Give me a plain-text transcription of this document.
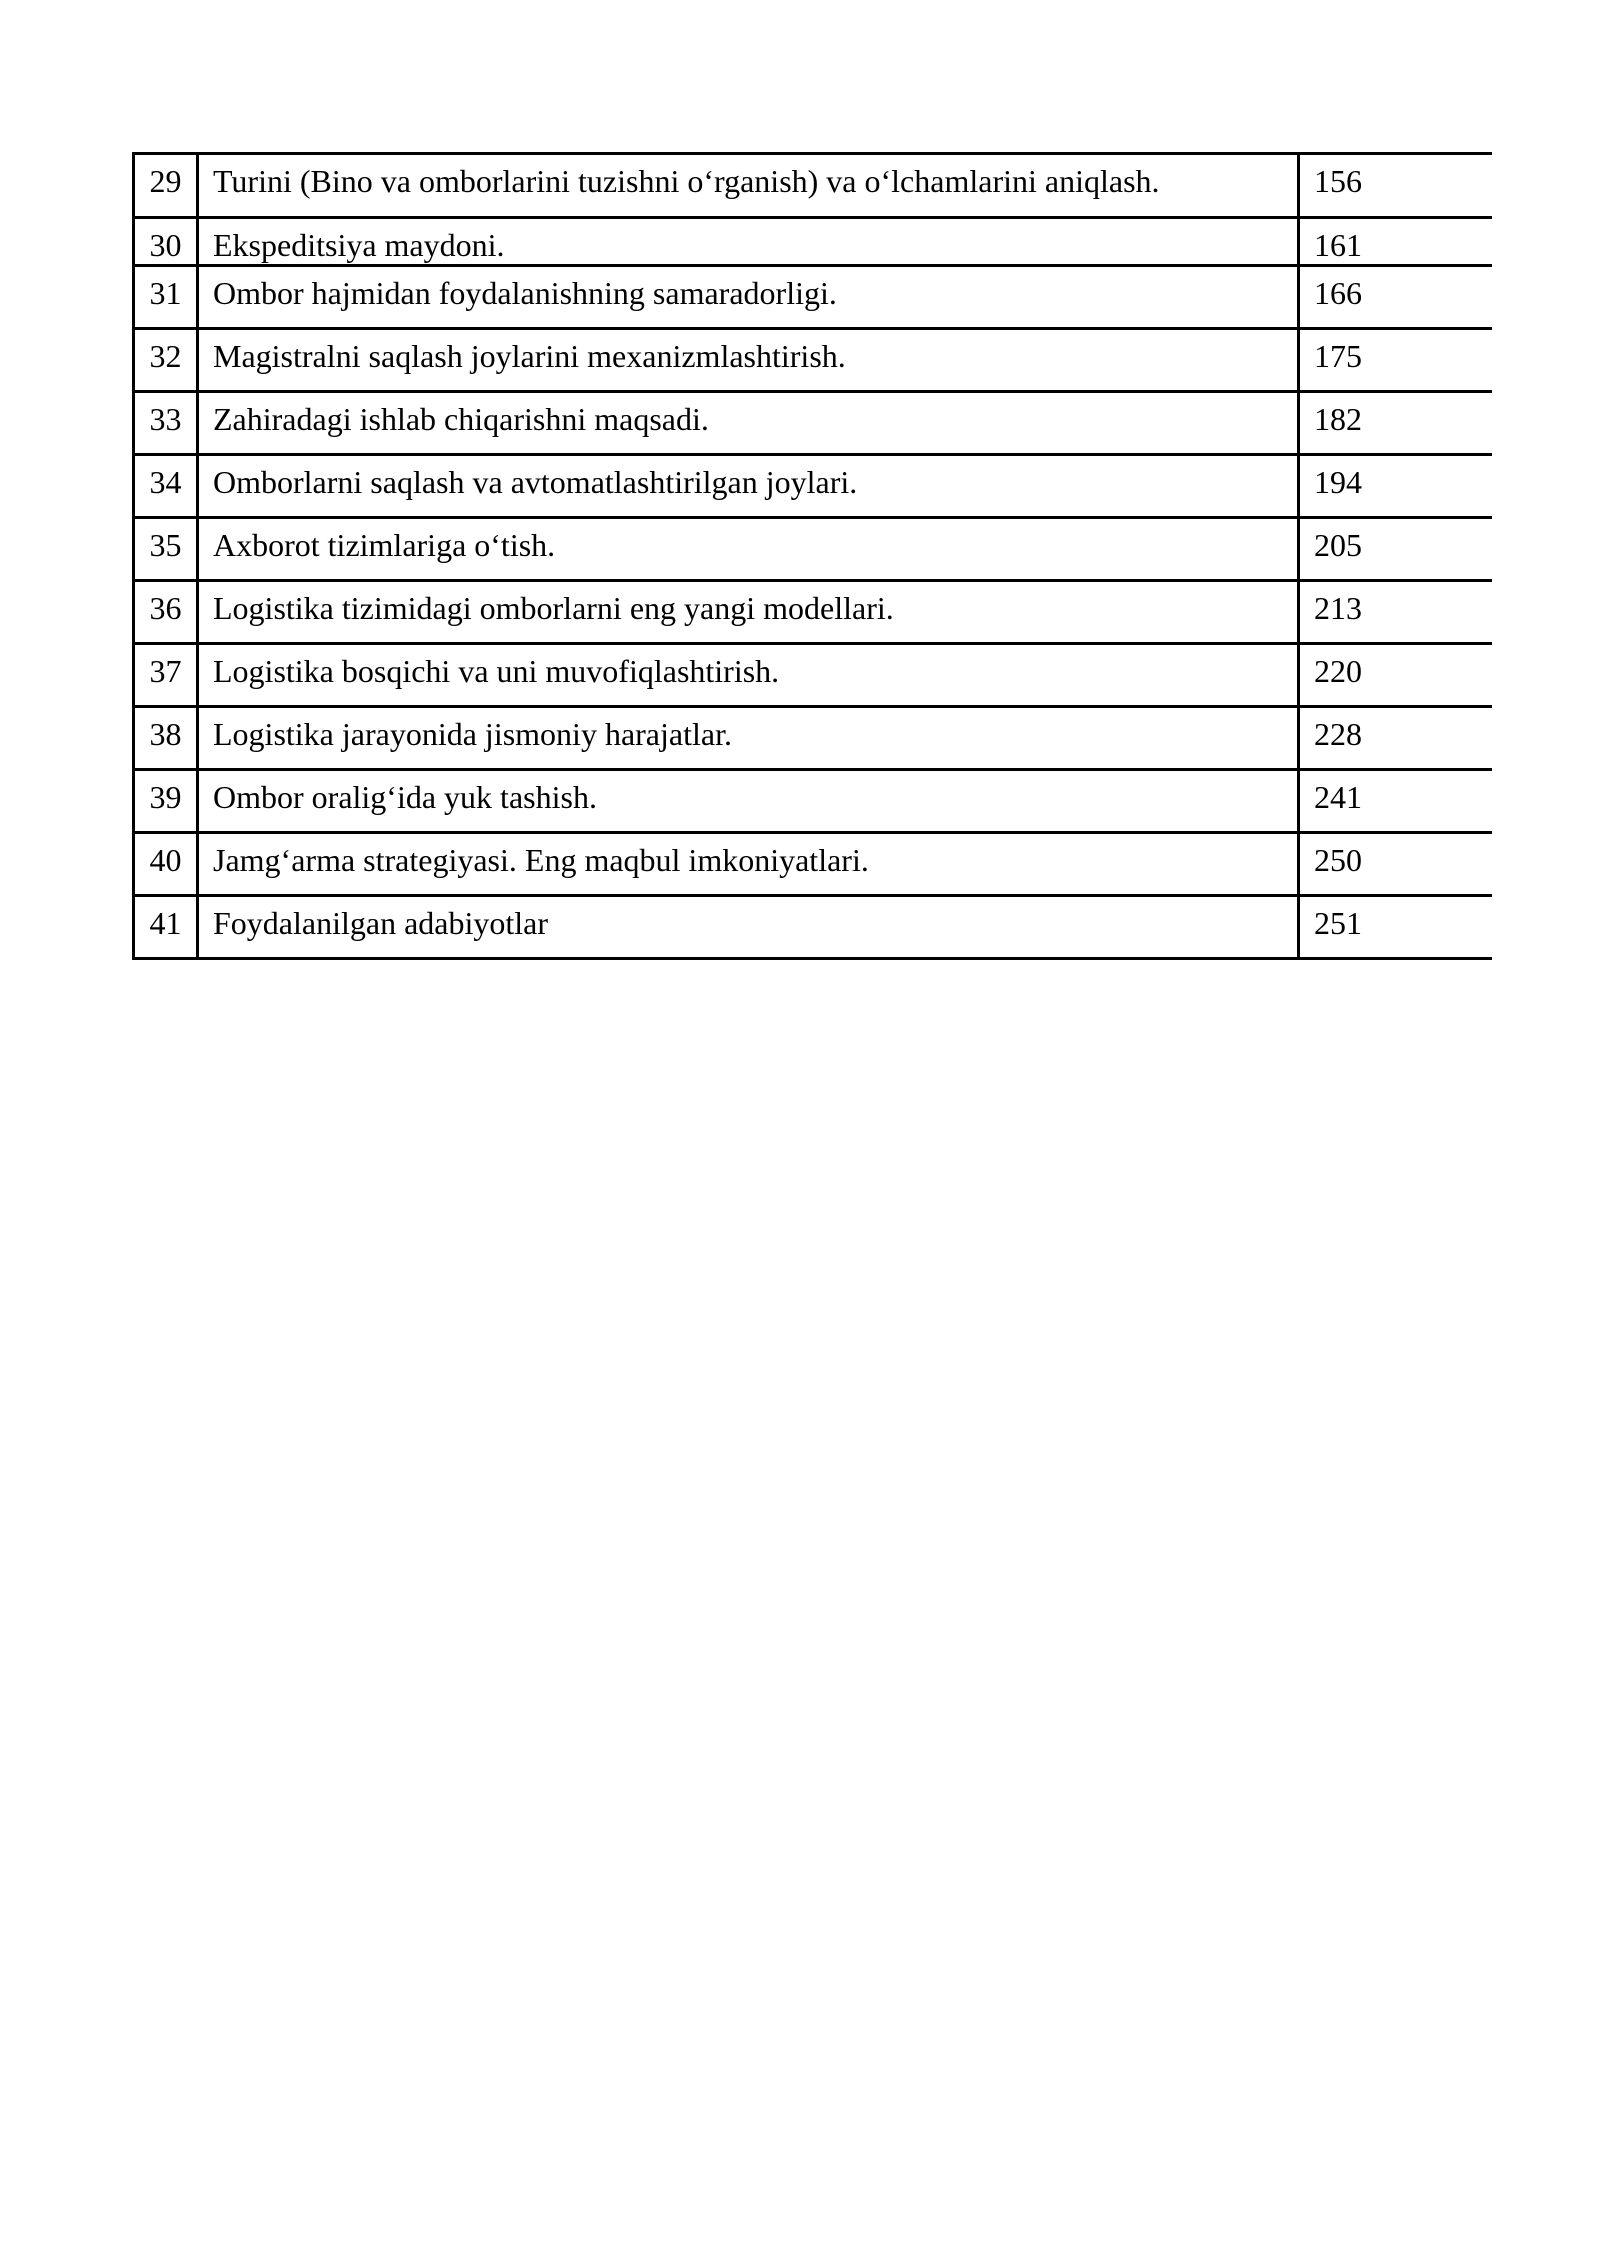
29	Turini (Bino va omborlarini tuzishni o‘rganish) va o‘lchamlarini aniqlash.	156
30	Ekspeditsiya maydoni.	161
31	Ombor hajmidan foydalanishning samaradorligi.	166
32	Magistralni saqlash joylarini mexanizmlashtirish.	175
33	Zahiradagi ishlab chiqarishni maqsadi.	182
34	Omborlarni saqlash va avtomatlashtirilgan joylari.	194
35	Axborot tizimlariga o‘tish.	205
36	Logistika tizimidagi omborlarni eng yangi modellari.	213
37	Logistika bosqichi va uni muvofiqlashtirish.	220
38	Logistika jarayonida jismoniy harajatlar.	228
39	Ombor oralig‘ida yuk tashish.	241
40	Jamg‘arma strategiyasi. Eng maqbul imkoniyatlari.	250
41	Foydalanilgan adabiyotlar	251
